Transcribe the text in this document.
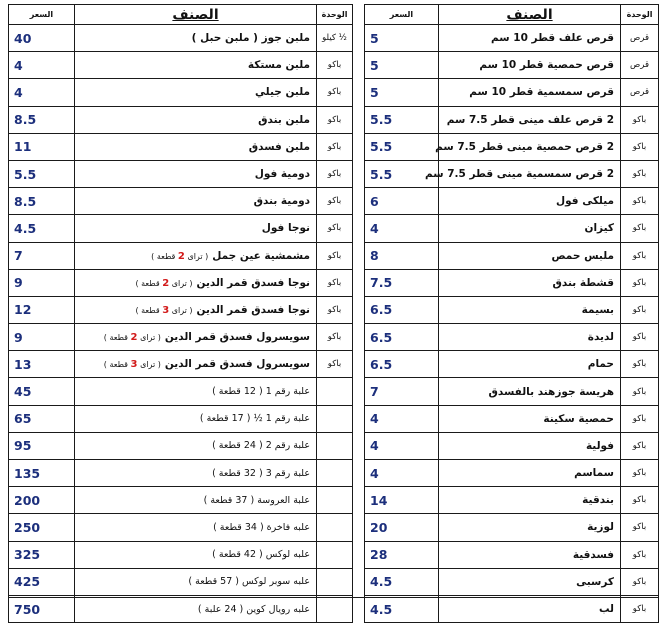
الوحدة	الصنف	السعر
قرص	قرص علف قطر 10 سم	5
قرص	قرص حمصية قطر 10 سم	5
قرص	قرص سمسمية قطر 10 سم	5
باكو	2 قرص علف مينى قطر 7.5 سم	5.5
باكو	2 قرص حمصية مينى قطر 7.5 سم	5.5
باكو	2 قرص سمسمية مينى قطر 7.5 سم	5.5
باكو	ميلكى فول	6
باكو	كيزان	4
باكو	ملبس حمص	8
باكو	قشطة بندق	7.5
باكو	بسيمة	6.5
باكو	لديدة	6.5
باكو	حمام	6.5
باكو	هريسة جوزهند بالفسدق	7
باكو	حمصية سكينة	4
باكو	فولية	4
باكو	سماسم	4
باكو	بندقية	14
باكو	لوزية	20
باكو	فسدقية	28
باكو	كرسبى	4.5
باكو	لب	4.5
الوحدة	الصنف	السعر
½ كيلو	ملبن جوز ( ملبن حبل )	40
باكو	ملبن مستكة	4
باكو	ملبن جيلي	4
باكو	ملبن بندق	8.5
باكو	ملبن فسدق	11
باكو	دومية فول	5.5
باكو	دومية بندق	8.5
باكو	نوجا فول	4.5
باكو	مشمشية عين جمل( ترای 2 قطعة )	7
باكو	نوجا فسدق قمر الدين( ترای 2 قطعة )	9
باكو	نوجا فسدق قمر الدين( ترای 3 قطعة )	12
باكو	سويسرول فسدق قمر الدين( ترای 2 قطعة )	9
باكو	سويسرول فسدق قمر الدين( ترای 3 قطعة )	13
	علبة رقم 1 ( 12 قطعة )	45
	علبة رقم 1 ½ ( 17 قطعة )	65
	علبة رقم 2 ( 24 قطعة )	95
	علبة رقم 3 ( 32 قطعة )	135
	علبة العروسة ( 37 قطعة )	200
	علبه فاخرة ( 34 قطعة )	250
	علبه لوكس ( 42 قطعة )	325
	علبه سوبر لوكس ( 57 قطعة )	425
	علبه رويال كوين ( 24 علبة )	750
